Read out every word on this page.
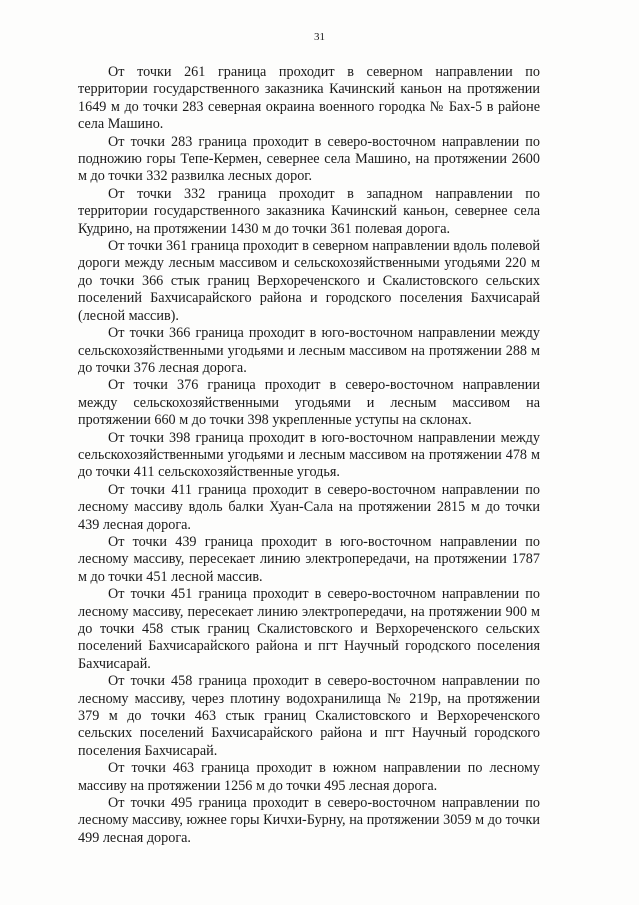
31

От точки 261 граница проходит в северном направлении по территории государственного заказника Качинский каньон на протяжении 1649 м до точки 283 северная окраина военного городка № Бах-5 в районе села Машино.

От точки 283 граница проходит в северо-восточном направлении по подножию горы Тепе-Кермен, севернее села Машино, на протяжении 2600 м до точки 332 развилка лесных дорог.

От точки 332 граница проходит в западном направлении по территории государственного заказника Качинский каньон, севернее села Кудрино, на протяжении 1430 м до точки 361 полевая дорога.

От точки 361 граница проходит в северном направлении вдоль полевой дороги между лесным массивом и сельскохозяйственными угодьями 220 м до точки 366 стык границ Верхореченского и Скалистовского сельских поселений Бахчисарайского района и городского поселения Бахчисарай (лесной массив).

От точки 366 граница проходит в юго-восточном направлении между сельскохозяйственными угодьями и лесным массивом на протяжении 288 м до точки 376 лесная дорога.

От точки 376 граница проходит в северо-восточном направлении между сельскохозяйственными угодьями и лесным массивом на протяжении 660 м до точки 398 укрепленные уступы на склонах.

От точки 398 граница проходит в юго-восточном направлении между сельскохозяйственными угодьями и лесным массивом на протяжении 478 м до точки 411 сельскохозяйственные угодья.

От точки 411 граница проходит в северо-восточном направлении по лесному массиву вдоль балки Хуан-Сала на протяжении 2815 м до точки 439 лесная дорога.

От точки 439 граница проходит в юго-восточном направлении по лесному массиву, пересекает линию электропередачи, на протяжении 1787 м до точки 451 лесной массив.

От точки 451 граница проходит в северо-восточном направлении по лесному массиву, пересекает линию электропередачи, на протяжении 900 м до точки 458 стык границ Скалистовского и Верхореченского сельских поселений Бахчисарайского района и пгт Научный городского поселения Бахчисарай.

От точки 458 граница проходит в северо-восточном направлении по лесному массиву, через плотину водохранилища № 219р, на протяжении 379 м до точки 463 стык границ Скалистовского и Верхореченского сельских поселений Бахчисарайского района и пгт Научный городского поселения Бахчисарай.

От точки 463 граница проходит в южном направлении по лесному массиву на протяжении 1256 м до точки 495 лесная дорога.

От точки 495 граница проходит в северо-восточном направлении по лесному массиву, южнее горы Кичхи-Бурну, на протяжении 3059 м до точки 499 лесная дорога.
